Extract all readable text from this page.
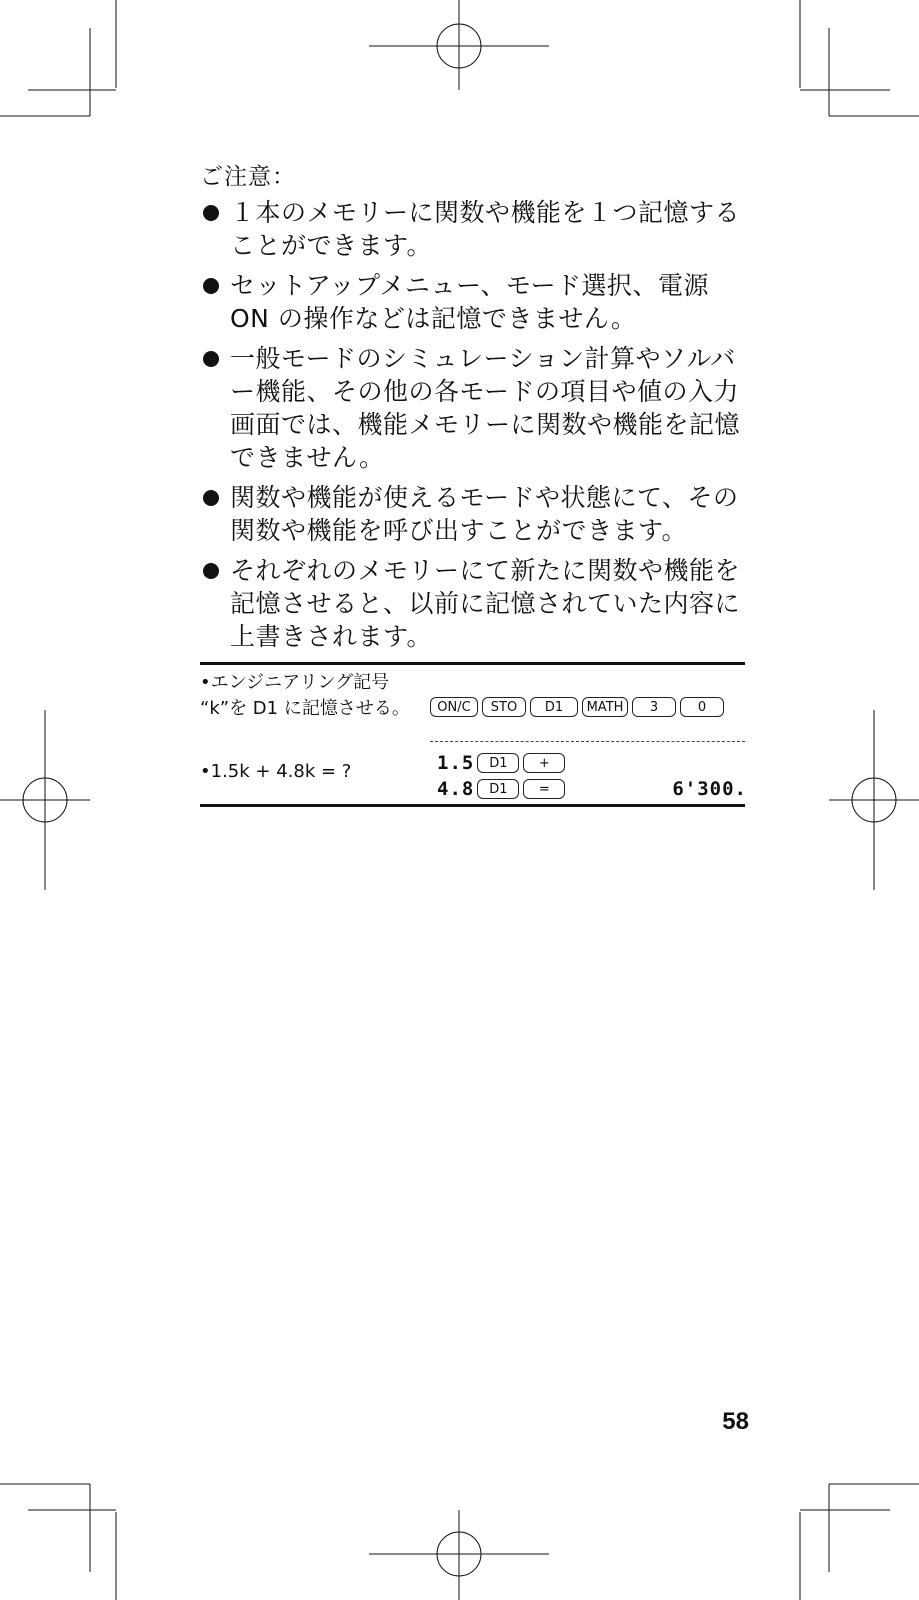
ご注意：
１本のメモリーに関数や機能を１つ記憶することができます。
セットアップメニュー、モード選択、電源ON の操作などは記憶できません。
一般モードのシミュレーション計算やソルバー機能、その他の各モードの項目や値の入力画面では、機能メモリーに関数や機能を記憶できません。
関数や機能が使えるモードや状態にて、その関数や機能を呼び出すことができます。
それぞれのメモリーにて新たに関数や機能を記憶させると、以前に記憶されていた内容に上書きされます。
•エンジニアリング記号
“k”を D1 に記憶させる。	ON/C	STO	D1	MATH	3	0
•1.5k + 4.8k = ?	1.5	D1	+
4.8	D1	=	6'300.
58
